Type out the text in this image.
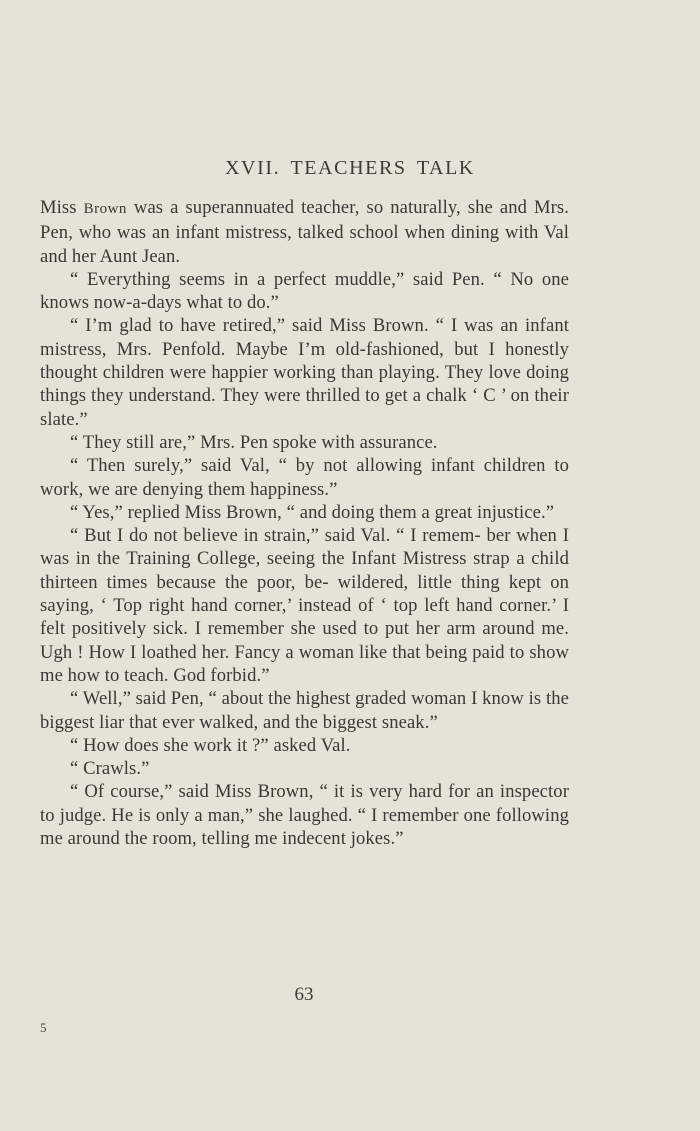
XVII. TEACHERS TALK

Miss Brown was a superannuated teacher, so naturally, she and Mrs. Pen, who was an infant mistress, talked school when dining with Val and her Aunt Jean.

“ Everything seems in a perfect muddle,” said Pen. “ No one knows now-a-days what to do.”

“ I’m glad to have retired,” said Miss Brown. “ I was an infant mistress, Mrs. Penfold. Maybe I’m old-fashioned, but I honestly thought children were happier working than playing. They love doing things they understand. They were thrilled to get a chalk ‘ C ’ on their slate.”

“ They still are,” Mrs. Pen spoke with assurance.

“ Then surely,” said Val, “ by not allowing infant children to work, we are denying them happiness.”

“ Yes,” replied Miss Brown, “ and doing them a great injustice.”

“ But I do not believe in strain,” said Val. “ I remem- ber when I was in the Training College, seeing the Infant Mistress strap a child thirteen times because the poor, be- wildered, little thing kept on saying, ‘ Top right hand corner,’ instead of ‘ top left hand corner.’ I felt positively sick. I remember she used to put her arm around me. Ugh ! How I loathed her. Fancy a woman like that being paid to show me how to teach. God forbid.”

“ Well,” said Pen, “ about the highest graded woman I know is the biggest liar that ever walked, and the biggest sneak.”

“ How does she work it ?” asked Val.

“ Crawls.”

“ Of course,” said Miss Brown, “ it is very hard for an inspector to judge. He is only a man,” she laughed. “ I remember one following me around the room, telling me indecent jokes.”

63
5
